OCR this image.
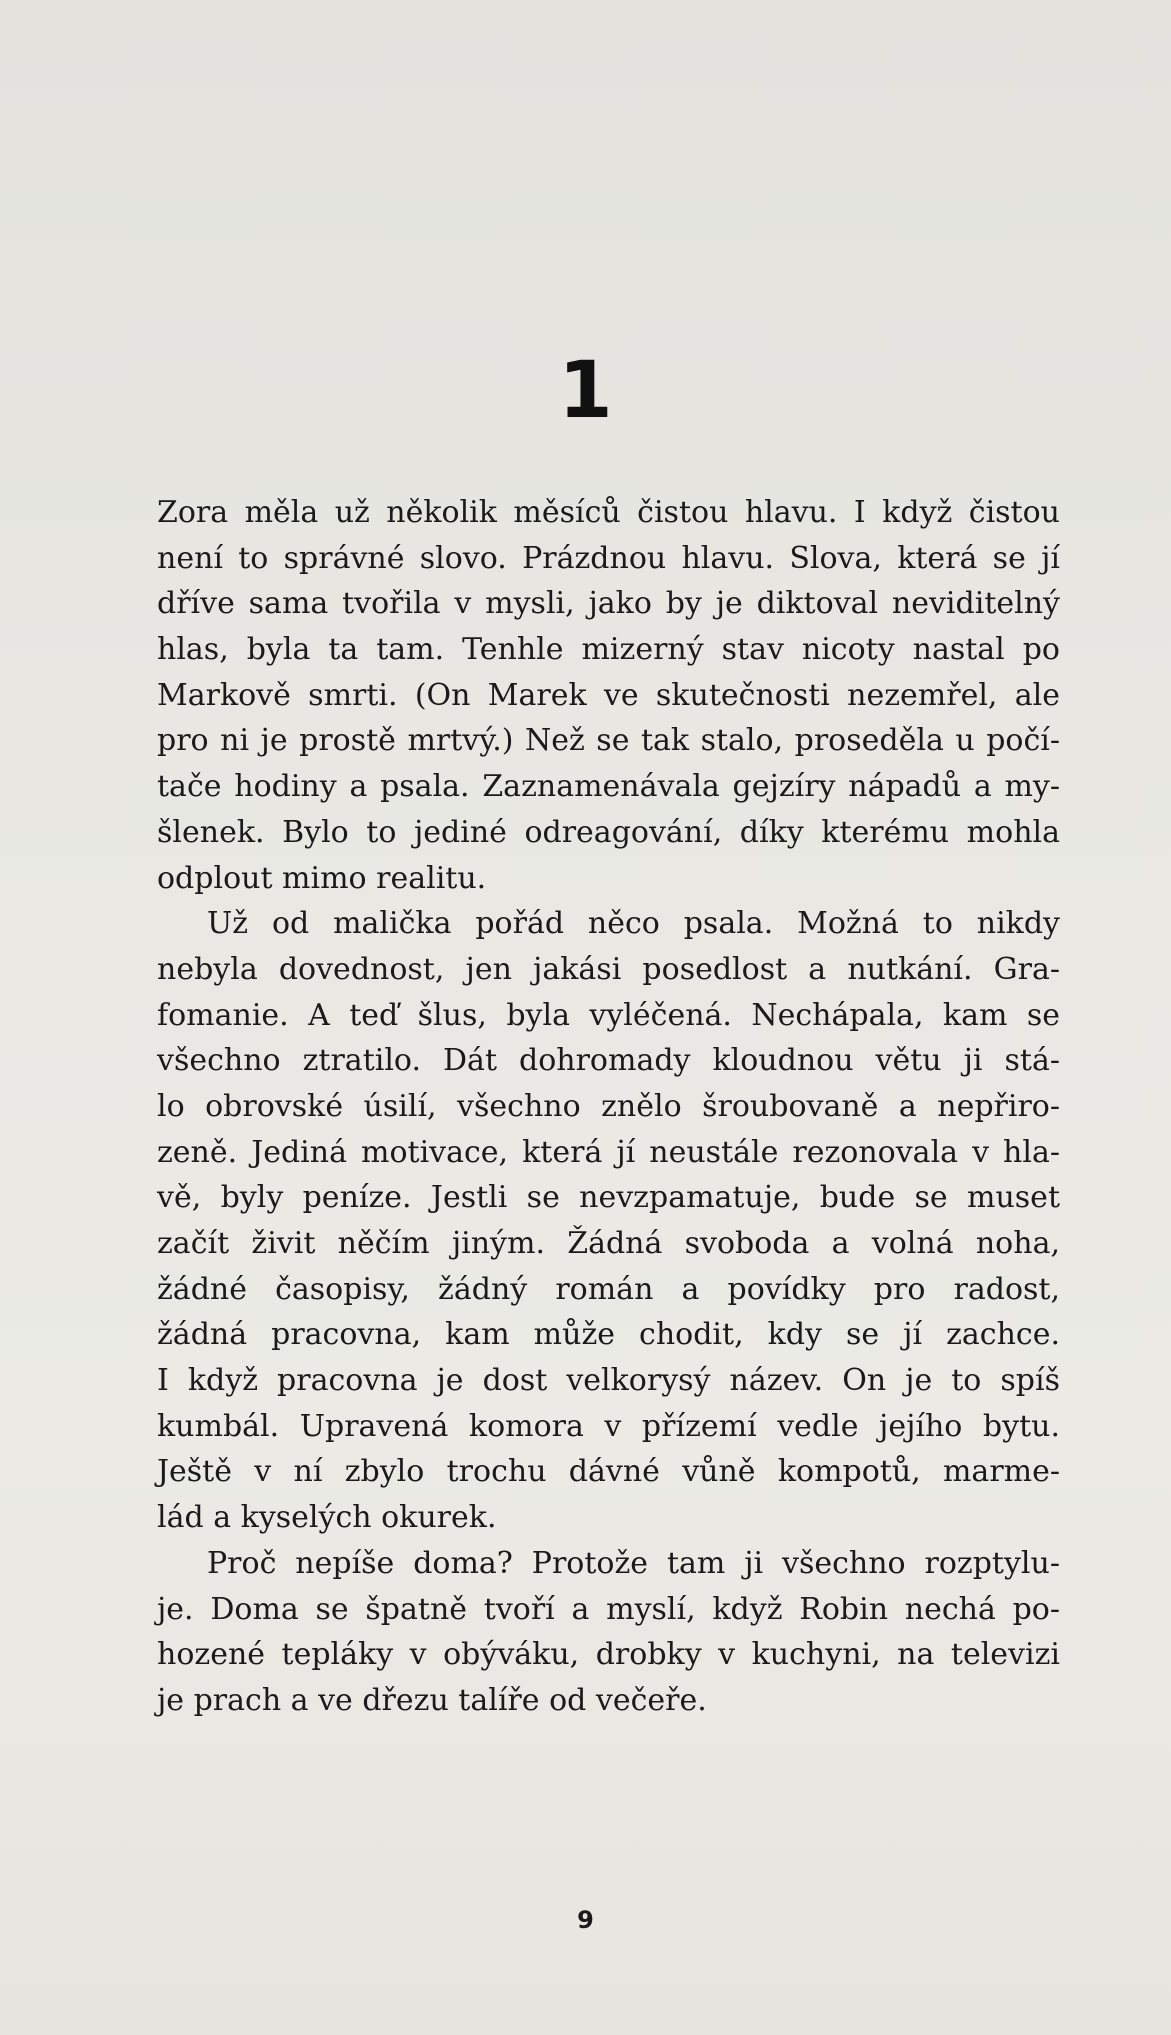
1
Zora měla už několik měsíců čistou hlavu. I když čistou
není to správné slovo. Prázdnou hlavu. Slova, která se jí
dříve sama tvořila v mysli, jako by je diktoval neviditelný
hlas, byla ta tam. Tenhle mizerný stav nicoty nastal po
Markově smrti. (On Marek ve skutečnosti nezemřel, ale
pro ni je prostě mrtvý.) Než se tak stalo, proseděla u počí-
tače hodiny a psala. Zaznamenávala gejzíry nápadů a my-
šlenek. Bylo to jediné odreagování, díky kterému mohla
odplout mimo realitu.
Už od malička pořád něco psala. Možná to nikdy
nebyla dovednost, jen jakási posedlost a nutkání. Gra-
fomanie. A teď šlus, byla vyléčená. Nechápala, kam se
všechno ztratilo. Dát dohromady kloudnou větu ji stá-
lo obrovské úsilí, všechno znělo šroubovaně a nepřiro-
zeně. Jediná motivace, která jí neustále rezonovala v hla-
vě, byly peníze. Jestli se nevzpamatuje, bude se muset
začít živit něčím jiným. Žádná svoboda a volná noha,
žádné časopisy, žádný román a povídky pro radost,
žádná pracovna, kam může chodit, kdy se jí zachce.
I když pracovna je dost velkorysý název. On je to spíš
kumbál. Upravená komora v přízemí vedle jejího bytu.
Ještě v ní zbylo trochu dávné vůně kompotů, marme-
lád a kyselých okurek.
Proč nepíše doma? Protože tam ji všechno rozptylu-
je. Doma se špatně tvoří a myslí, když Robin nechá po-
hozené tepláky v obýváku, drobky v kuchyni, na televizi
je prach a ve dřezu talíře od večeře.
9
